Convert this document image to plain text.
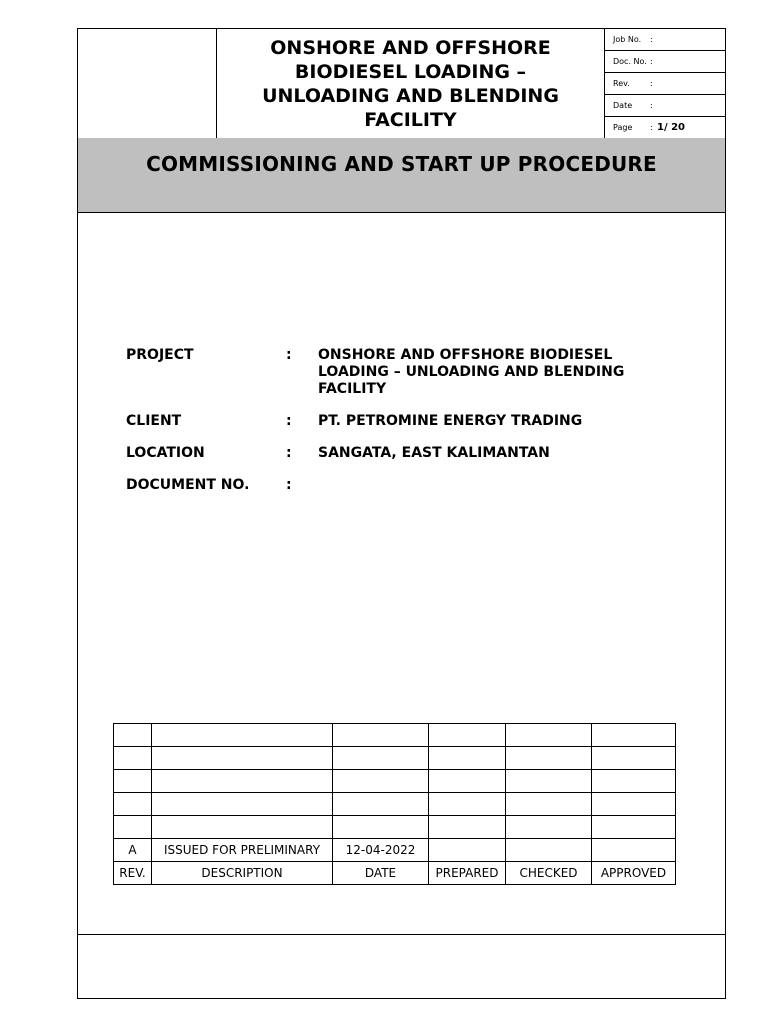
ONSHORE AND OFFSHORE BIODIESEL LOADING – UNLOADING AND BLENDING FACILITY
Job No.	:
Doc. No. :
Rev.	:
Date	:
Page	: 1/ 20
COMMISSIONING AND START UP PROCEDURE
PROJECT	:	ONSHORE AND OFFSHORE BIODIESEL LOADING – UNLOADING AND BLENDING FACILITY
CLIENT	:	PT. PETROMINE ENERGY TRADING
LOCATION	:	SANGATA, EAST KALIMANTAN
DOCUMENT NO.	:

A	ISSUED FOR PRELIMINARY	12-04-2022			
REV.	DESCRIPTION	DATE	PREPARED	CHECKED	APPROVED
